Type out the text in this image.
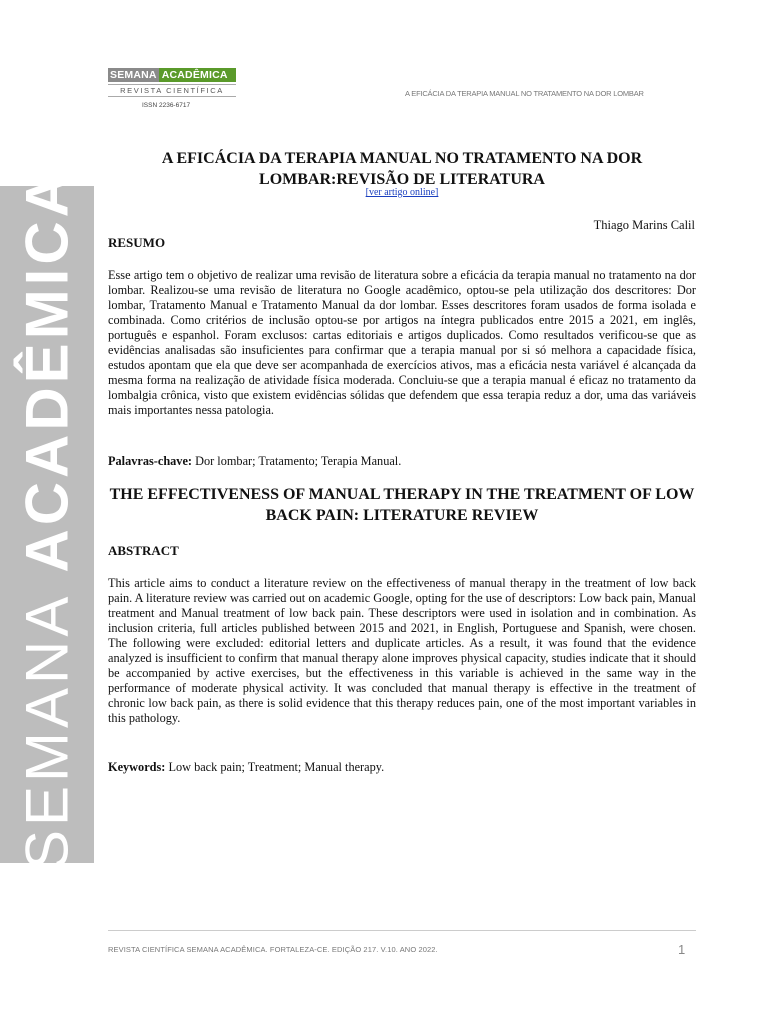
SEMANA ACADÊMICA
REVISTA CIENTÍFICA
ISSN 2236-6717
A EFICÁCIA DA TERAPIA MANUAL NO TRATAMENTO NA DOR LOMBAR
SEMANAACADÊMICA
A EFICÁCIA DA TERAPIA MANUAL NO TRATAMENTO NA DOR LOMBAR:REVISÃO DE LITERATURA
[ver artigo online]
Thiago Marins Calil
RESUMO
Esse artigo tem o objetivo de realizar uma revisão de literatura sobre a eficácia da terapia manual no tratamento na dor lombar. Realizou-se uma revisão de literatura no Google acadêmico, optou-se pela utilização dos descritores: Dor lombar, Tratamento Manual e Tratamento Manual da dor lombar. Esses descritores foram usados de forma isolada e combinada. Como critérios de inclusão optou-se por artigos na íntegra publicados entre 2015 a 2021, em inglês, português e espanhol. Foram exclusos: cartas editoriais e artigos duplicados. Como resultados verificou-se que as evidências analisadas são insuficientes para confirmar que a terapia manual por si só melhora a capacidade física, estudos apontam que ela que deve ser acompanhada de exercícios ativos, mas a eficácia nesta variável é alcançada da mesma forma na realização de atividade física moderada. Concluiu-se que a terapia manual é eficaz no tratamento da lombalgia crônica, visto que existem evidências sólidas que defendem que essa terapia reduz a dor, uma das variáveis mais importantes nessa patologia.
Palavras-chave: Dor lombar; Tratamento; Terapia Manual.
THE EFFECTIVENESS OF MANUAL THERAPY IN THE TREATMENT OF LOW BACK PAIN: LITERATURE REVIEW
ABSTRACT
This article aims to conduct a literature review on the effectiveness of manual therapy in the treatment of low back pain. A literature review was carried out on academic Google, opting for the use of descriptors: Low back pain, Manual treatment and Manual treatment of low back pain. These descriptors were used in isolation and in combination. As inclusion criteria, full articles published between 2015 and 2021, in English, Portuguese and Spanish, were chosen. The following were excluded: editorial letters and duplicate articles. As a result, it was found that the evidence analyzed is insufficient to confirm that manual therapy alone improves physical capacity, studies indicate that it should be accompanied by active exercises, but the effectiveness in this variable is achieved in the same way in the performance of moderate physical activity. It was concluded that manual therapy is effective in the treatment of chronic low back pain, as there is solid evidence that this therapy reduces pain, one of the most important variables in this pathology.
Keywords: Low back pain; Treatment; Manual therapy.
REVISTA CIENTÍFICA SEMANA ACADÊMICA. FORTALEZA-CE. EDIÇÃO 217. V.10. ANO 2022.	1
